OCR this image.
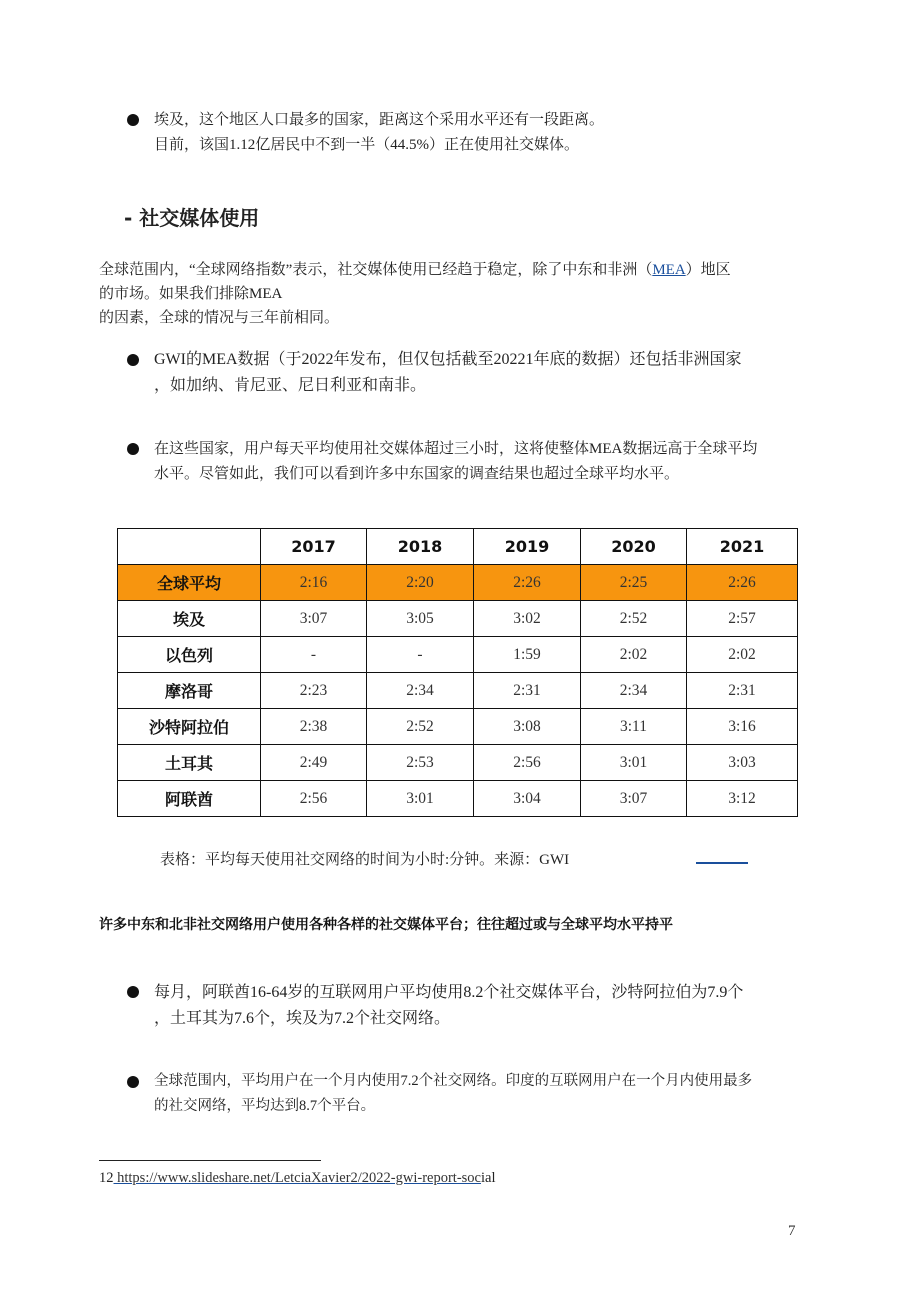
埃及，这个地区人口最多的国家，距离这个采用水平还有一段距离。
目前，该国1.12亿居民中不到一半（44.5%）正在使用社交媒体。
- 社交媒体使用
全球范围内，“全球网络指数”表示，社交媒体使用已经趋于稳定，除了中东和非洲（MEA）地区
的市场。如果我们排除MEA
的因素，全球的情况与三年前相同。
GWI的MEA数据（于2022年发布，但仅包括截至20221年底的数据）还包括非洲国家
，如加纳、肯尼亚、尼日利亚和南非。
在这些国家，用户每天平均使用社交媒体超过三小时，这将使整体MEA数据远高于全球平均
水平。尽管如此，我们可以看到许多中东国家的调查结果也超过全球平均水平。
	2017	2018	2019	2020	2021
全球平均	2:16	2:20	2:26	2:25	2:26
埃及	3:07	3:05	3:02	2:52	2:57
以色列	-	-	1:59	2:02	2:02
摩洛哥	2:23	2:34	2:31	2:34	2:31
沙特阿拉伯	2:38	2:52	3:08	3:11	3:16
土耳其	2:49	2:53	2:56	3:01	3:03
阿联酋	2:56	3:01	3:04	3:07	3:12
表格：平均每天使用社交网络的时间为小时:分钟。来源：GWI
许多中东和北非社交网络用户使用各种各样的社交媒体平台；往往超过或与全球平均水平持平
每月，阿联酋16-64岁的互联网用户平均使用8.2个社交媒体平台，沙特阿拉伯为7.9个
，土耳其为7.6个，埃及为7.2个社交网络。
全球范围内，平均用户在一个月内使用7.2个社交网络。印度的互联网用户在一个月内使用最多
的社交网络，平均达到8.7个平台。
12 https://www.slideshare.net/LetciaXavier2/2022-gwi-report-social
7
